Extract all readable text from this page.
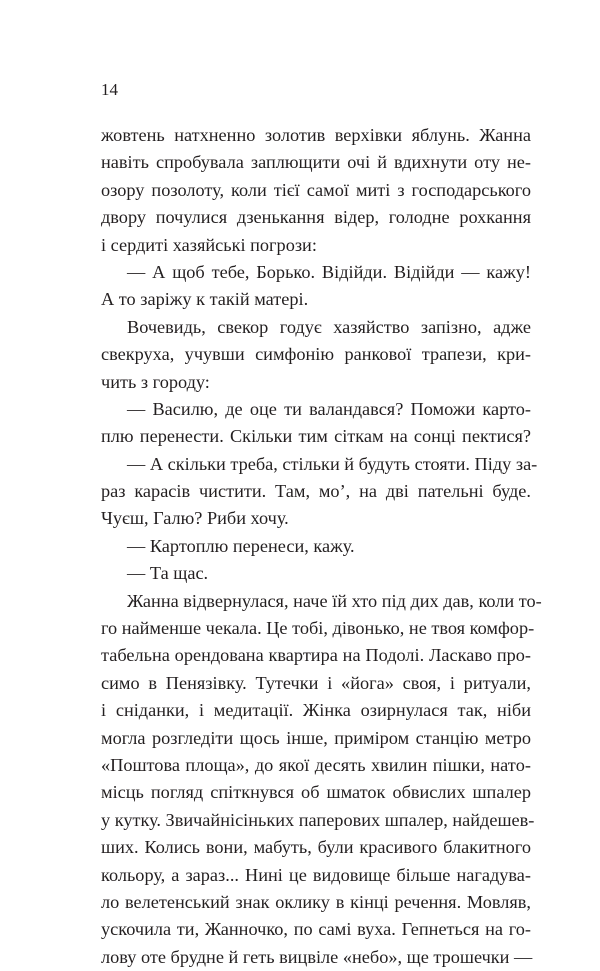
14
жовтень натхненно золотив верхівки яблунь. Жанна
навіть спробувала заплющити очі й вдихнути оту не-
озору позолоту, коли тієї самої миті з господарського
двору почулися дзенькання відер, голодне рохкання
і сердиті хазяйські погрози:
— А щоб тебе, Борько. Відійди. Відійди — кажу!
А то заріжу к такій матері.
Вочевидь, свекор годує хазяйство запізно, адже
свекруха, учувши симфонію ранкової трапези, кри-
чить з городу:
— Василю, де оце ти валандався? Поможи карто-
плю перенести. Скільки тим сіткам на сонці пектися?
— А скільки треба, стільки й будуть стояти. Піду за-
раз карасів чистити. Там, мо’, на дві пательні буде.
Чуєш, Галю? Риби хочу.
— Картоплю перенеси, кажу.
— Та щас.
Жанна відвернулася, наче їй хто під дих дав, коли то-
го найменше чекала. Це тобі, дівонько, не твоя комфор-
табельна орендована квартира на Подолі. Ласкаво про-
симо в Пенязівку. Тутечки і «йога» своя, і ритуали,
і сніданки, і медитації. Жінка озирнулася так, ніби
могла розгледіти щось інше, приміром станцію метро
«Поштова площа», до якої десять хвилин пішки, натo-
місць погляд спіткнувся об шматок обвислих шпалер
у кутку. Звичайнісіньких паперових шпалер, найдешев-
ших. Колись вони, мабуть, були красивого блакитного
кольору, а зараз... Нині це видовище більше нагадува-
ло велетенський знак оклику в кінці речення. Мовляв,
ускочила ти, Жанночко, по самі вуха. Гепнеться на го-
лову оте брудне й геть вицвіле «небо», ще трошечки —
